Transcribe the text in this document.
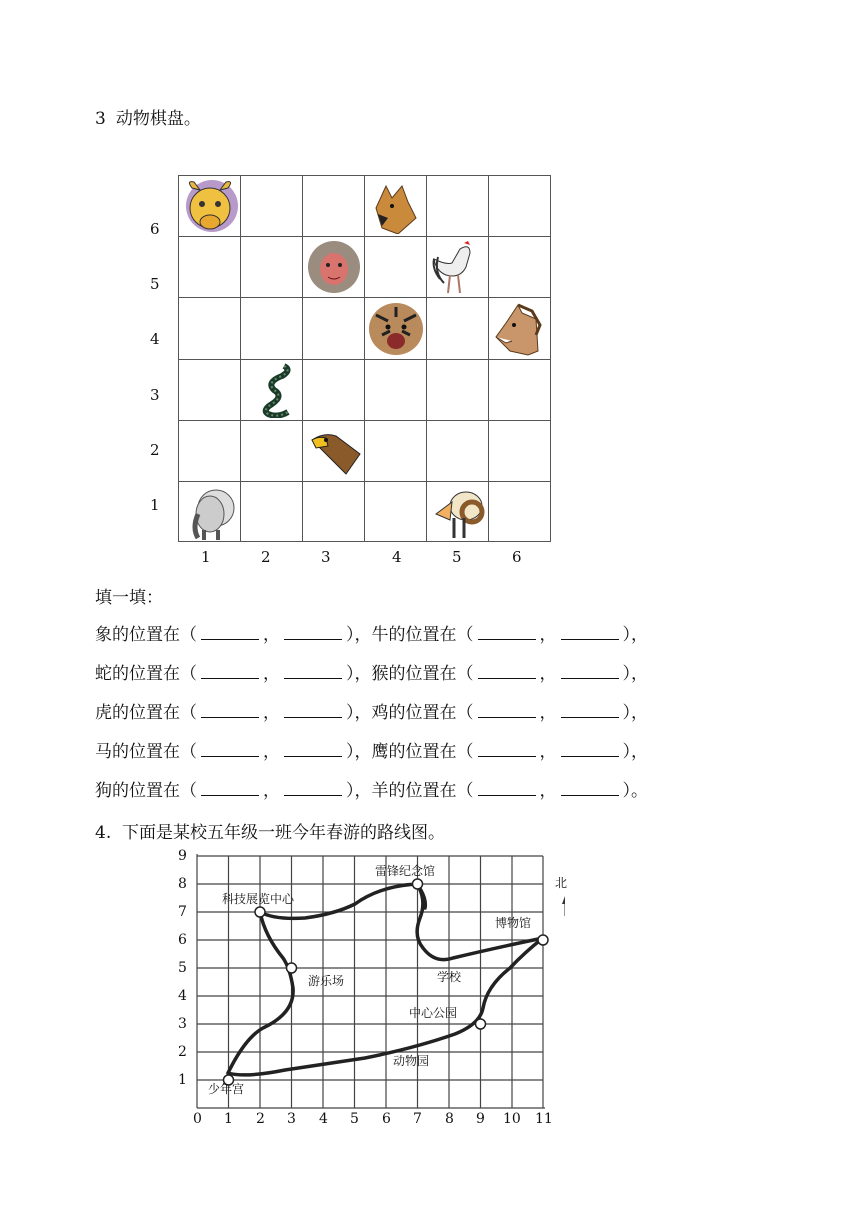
3 动物棋盘。
6
5
4
3
2
1
1	2	3	4	5	6
填一填：
象的位置在（	，	），牛的位置在（	，	），
蛇的位置在（	，	），猴的位置在（	，	），
虎的位置在（	，	），鸡的位置在（	，	），
马的位置在（	，	），鹰的位置在（	，	），
狗的位置在（	，	），羊的位置在（	，	）。
4. 下面是某校五年级一班今年春游的路线图。
0 1 2 3 4 5 6 7 8 9 10 11
1
2
3
4
5
6
7
8
9
科技展览中心
雷锋纪念馆
博物馆
游乐场	学校
中心公园
动物园
少年宫
北
